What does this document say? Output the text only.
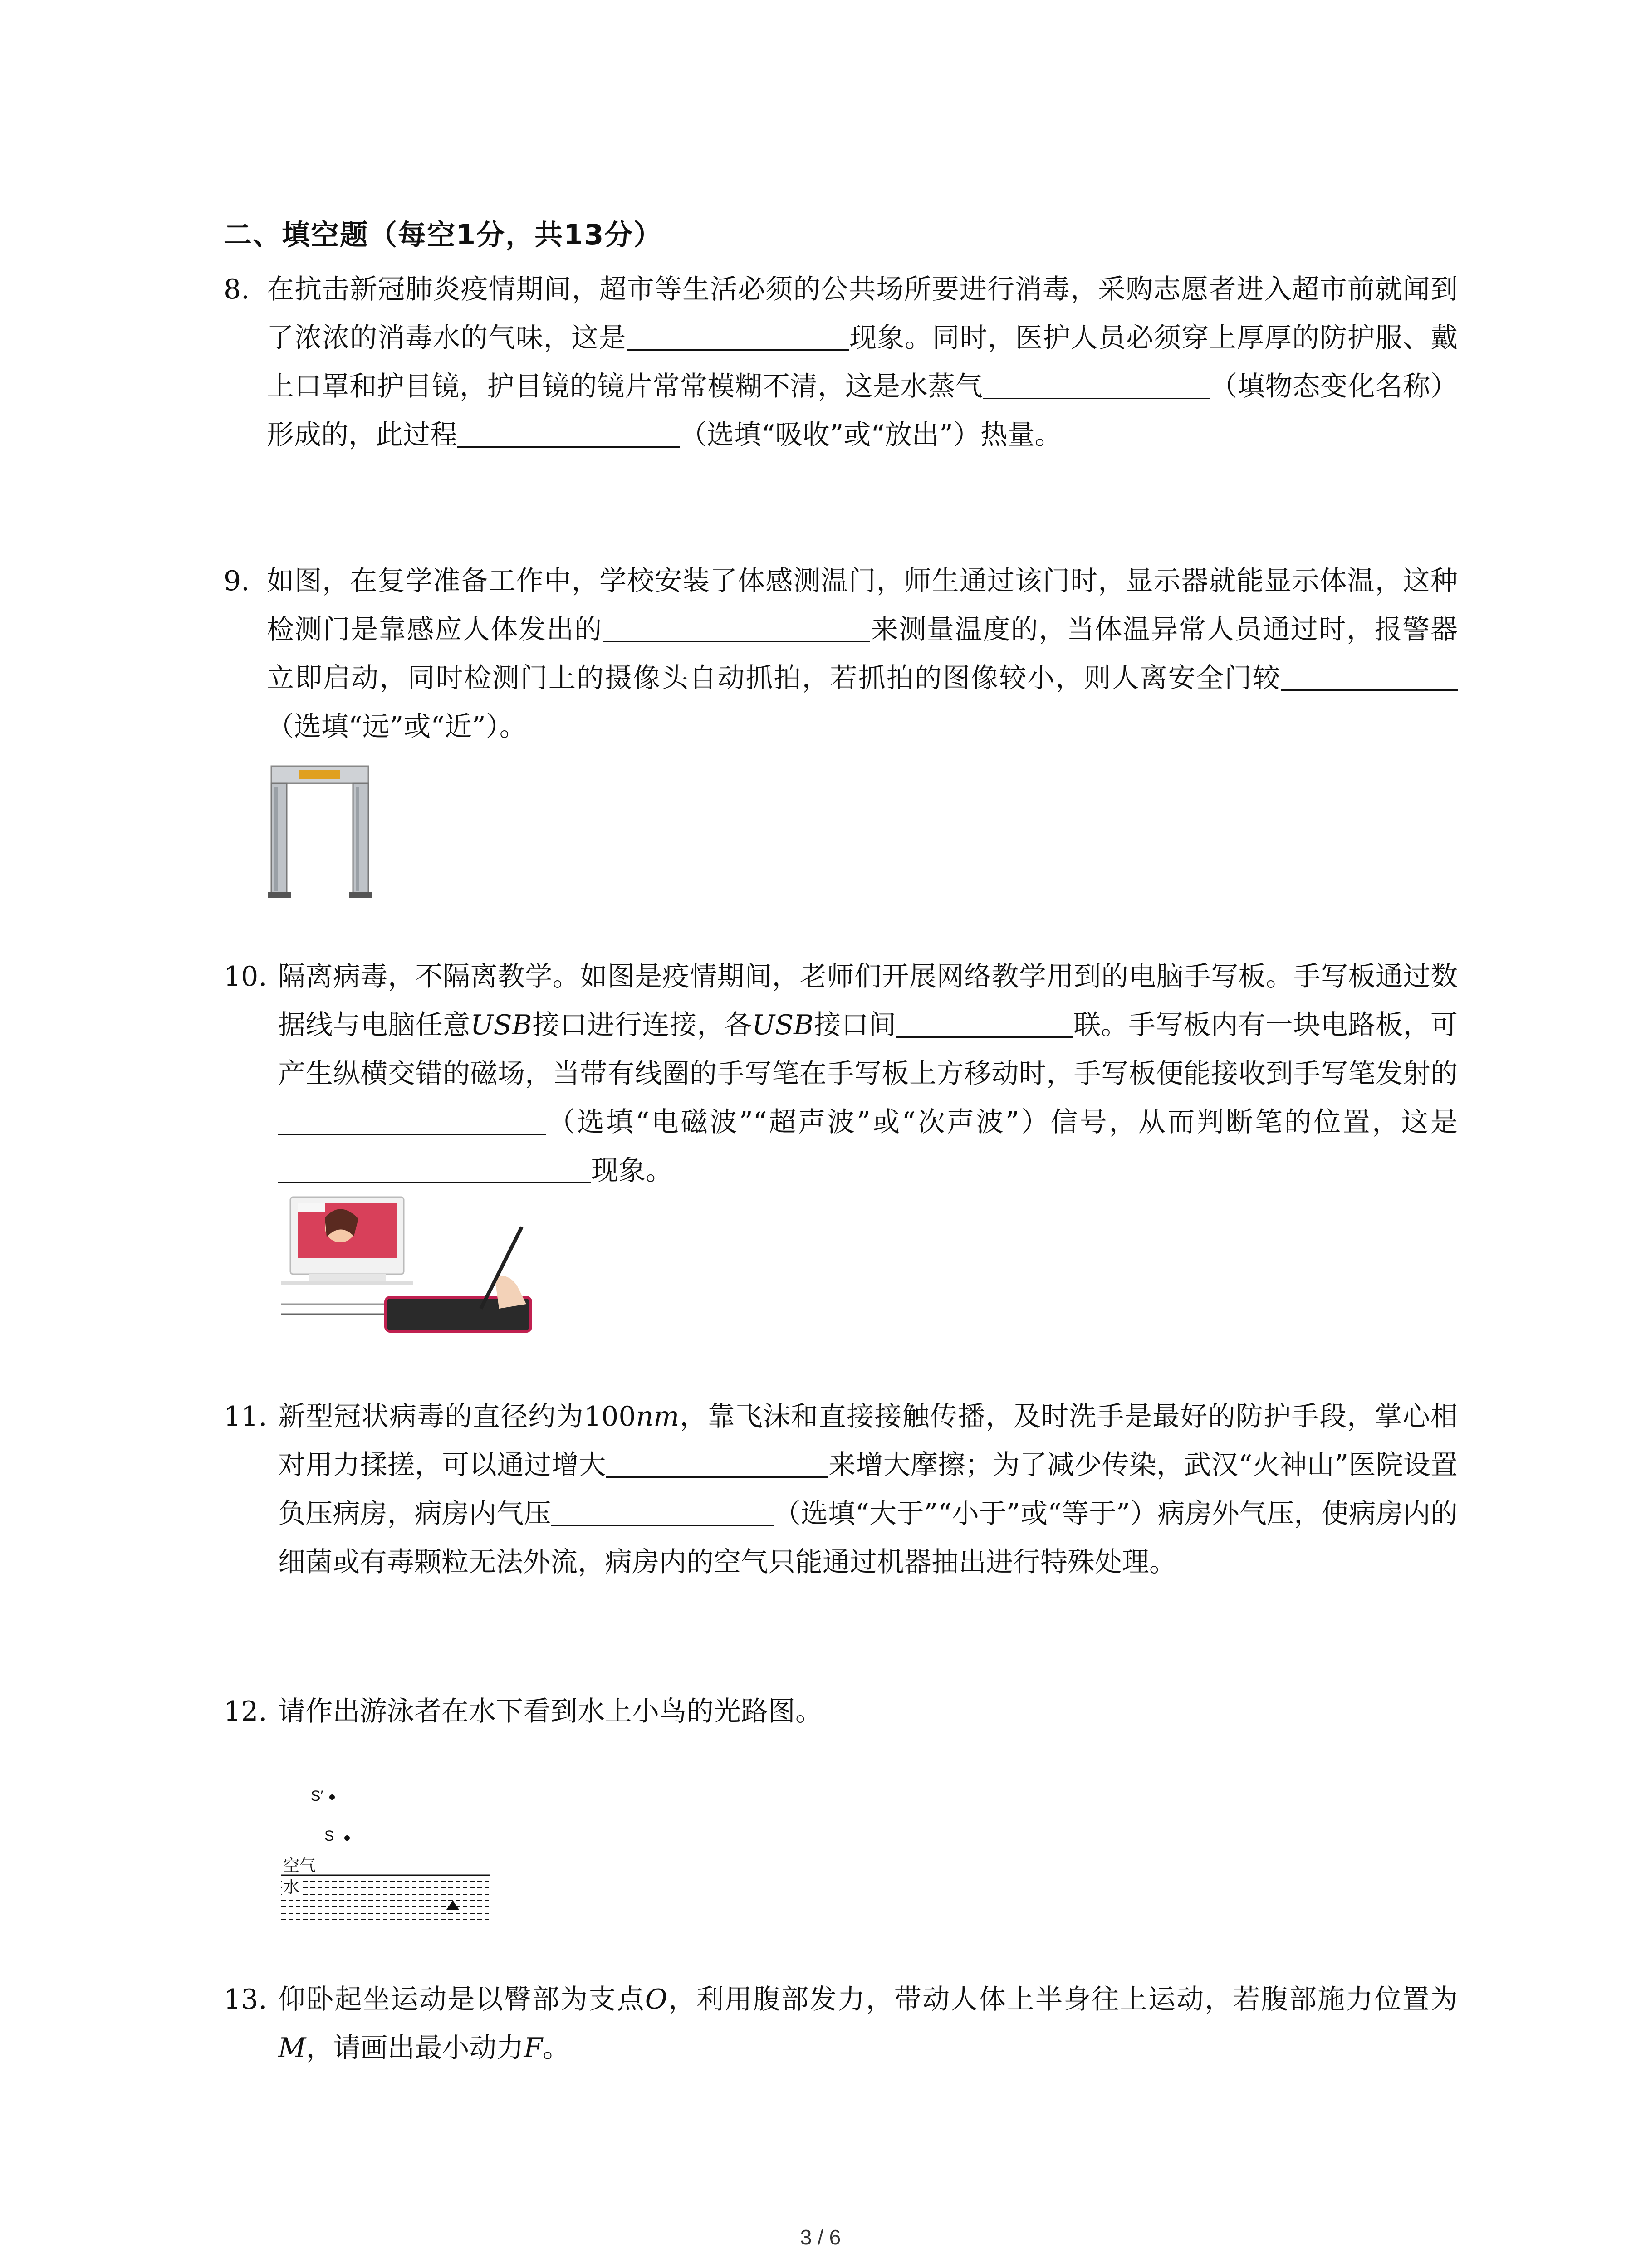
二、填空题（每空1分，共13分）
8. 在抗击新冠肺炎疫情期间，超市等生活必须的公共场所要进行消毒，采购志愿者进入超市前就闻到了浓浓的消毒水的气味，这是	现象。同时，医护人员必须穿上厚厚的防护服、戴上口罩和护目镜，护目镜的镜片常常模糊不清，这是水蒸气	（填物态变化名称）形成的，此过程	（选填“吸收”或“放出”）热量。
9. 如图，在复学准备工作中，学校安装了体感测温门，师生通过该门时，显示器就能显示体温，这种检测门是靠感应人体发出的	来测量温度的，当体温异常人员通过时，报警器立即启动，同时检测门上的摄像头自动抓拍，若抓拍的图像较小，则人离安全门较（选填“远”或“近”）。
10. 隔离病毒，不隔离教学。如图是疫情期间，老师们开展网络教学用到的电脑手写板。手写板通过数据线与电脑任意USB接口进行连接，各USB接口间	联。手写板内有一块电路板，可产生纵横交错的磁场，当带有线圈的手写笔在手写板上方移动时，手写板便能接收到手写笔发射的（选填“电磁波”“超声波”或“次声波”）信号，从而判断笔的位置，这是现象。
11. 新型冠状病毒的直径约为100nm，靠飞沫和直接接触传播，及时洗手是最好的防护手段，掌心相对用力揉搓，可以通过增大	来增大摩擦；为了减少传染，武汉“火神山”医院设置负压病房，病房内气压	（选填“大于”“小于”或“等于”）病房外气压，使病房内的细菌或有毒颗粒无法外流，病房内的空气只能通过机器抽出进行特殊处理。
12. 请作出游泳者在水下看到水上小鸟的光路图。
S′
S
空气
水
13. 仰卧起坐运动是以臀部为支点O，利用腹部发力，带动人体上半身往上运动，若腹部施力位置为M，请画出最小动力F。
3 / 6
